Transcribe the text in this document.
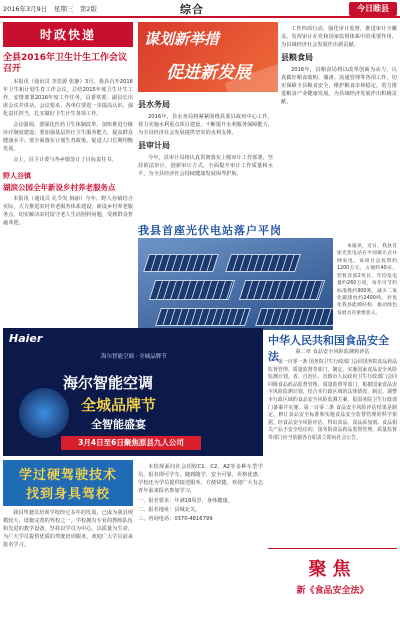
2016年3月9日　星期三　第2版	综合	今日睢县
时政快递
全县2016年卫生计生工作会议召开
本报讯（通讯员 李思源 张静）3月，我县召开2016年卫生和计划生育工作会议，总结2015年度卫生计生工作，安排部署2016年度工作任务。县委常委、副县长出席会议并讲话。会议要求，各单位要进一步提高认识，强化责任担当，扎实做好卫生计生各项工作。
会议强调，要深化医药卫生体制改革，加快推进分级诊疗制度建设；要加强基层医疗卫生服务能力，提高群众健康水平；要全面落实计划生育政策，促进人口长期均衡发展。
会上，县卫计委与各乡镇签订了目标责任书。
野人谷镇
湖滨公园全年新设乡村养老服务点
本报讯（通讯员 孔令发 韩丽）今年，野人谷镇结合实际，大力推进农村养老服务体系建设，新设乡村养老服务点，切实解决农村留守老人生活照料问题，受到群众普遍欢迎。
谋划新举措
促进新发展
县水务局
2016年，县水务局将紧紧围绕县委县政府中心工作，着力实施水利重点项目建设，不断提升水利服务保障能力，为全县经济社会发展提供坚实的水利支撑。
县审计局
今年，县审计局将认真贯彻落实上级审计工作部署，坚持依法审计，创新审计方式，全面提升审计工作质量和水平，为全县经济社会持续健康发展保驾护航。
工作四项行动，强化审计监督，推进审计全覆盖，发挥审计在党和国家监督体系中的重要作用，为县域经济社会发展作出新贡献。
县粮食局
2016年，县粮食局将以改革创新为动力，认真做好粮食收购、储备、流通管理等各项工作，切实保障全县粮食安全，维护粮食市场稳定，着力推进粮食产业健康发展，为县域经济发展作出积极贡献。
我县首座光伏电站落户平岗
本报讯，近日，我县首座光伏电站在平岗镇正式并网发电。该项目总投资约1200万元，占地约40亩，装机容量2兆瓦，年均发电量约260万度，每年可节约标准煤约900吨，减少二氧化碳排放约2400吨，对优化我县能源结构、推动绿色发展具有重要意义。
Haier
海尔智能空调 · 全城品牌节
海尔智能空调
全城品牌节
全智能盛宴
3月4日至6日聚焦原县九人公司
中华人民共和国食品安全法	第二章 食品安全风险监测和评估
第一百零一条 国务院卫生行政部门会同国务院食品药品监督管理、质量监督等部门，制定、实施国家食品安全风险监测计划。省、自治区、直辖市人民政府卫生行政部门会同同级食品药品监督管理、质量监督等部门，根据国家食品安全风险监测计划，结合本行政区域的具体情况，制定、调整本行政区域的食品安全风险监测方案，报国务院卫生行政部门备案并实施。第一百零二条 食品安全风险评估结果是制定、修订食品安全标准和实施食品安全监督管理的科学依据。经食品安全风险评估，得出食品、食品添加剂、食品相关产品不安全结论的，国务院食品药品监督管理、质量监督等部门应当依据各自职责立即向社会公告。
学过硬驾驶技术
找到身具驾校
我县驾驶员培训学校经过多年的发展，已成为我县规模较大、设施完善的驾校之一。学校拥有专业的教练队伍和先进的教学设备，坚持以学员为中心，以质量为生命，为广大学员提供优质的驾驶培训服务。欢迎广大学员前来报名学习。
本校现面向社会招收C1、C2、A2等多种车型学员，报名即可学车，随到随学，安全可靠，价格优惠。学校还为学员提供接送服务，方便快捷。欢迎广大有志青年前来报名参加学习。
一、报名要求：年满18周岁，身体健康。
二、报名地址：县城北关。
三、咨询电话：0370-4816799
聚焦
新《食品安全法》
